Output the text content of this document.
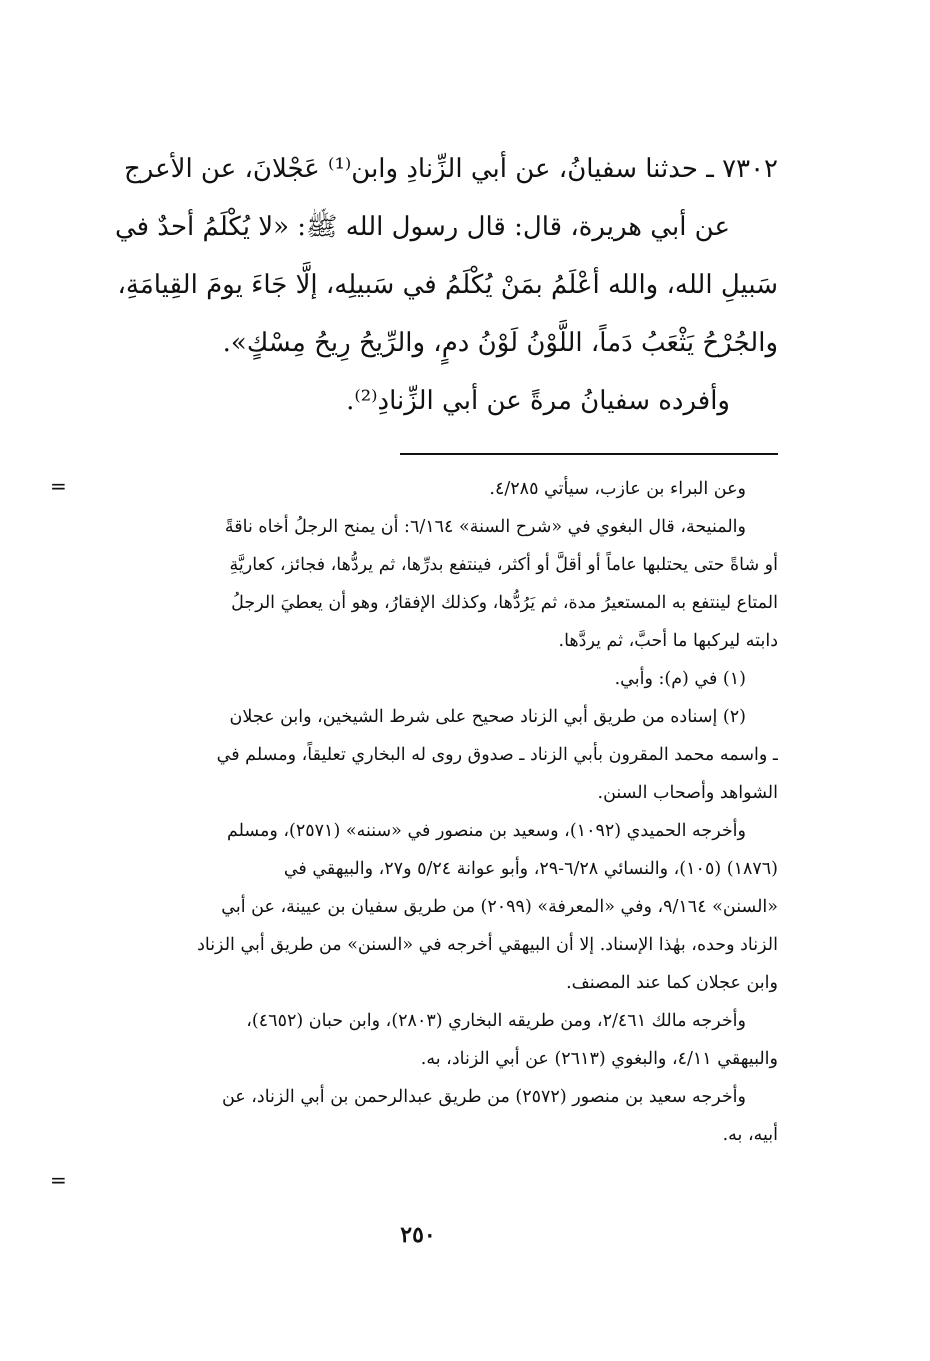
٧٣٠٢ ـ حدثنا سفيانُ، عن أبي الزِّنادِ وابن⁽¹⁾ عَجْلانَ، عن الأعرج
عن أبي هريرة، قال: قال رسول الله ﷺ: «لا يُكْلَمُ أحدٌ في
سَبيلِ الله، والله أعْلَمُ بمَنْ يُكْلَمُ في سَبيلِه، إلَّا جَاءَ يومَ القِيامَةِ،
والجُرْحُ يَثْعَبُ دَماً، اللَّوْنُ لَوْنُ دمٍ، والرِّيحُ رِيحُ مِسْكٍ».
وأفرده سفيانُ مرةً عن أبي الزِّنادِ⁽²⁾.
=	وعن البراء بن عازب، سيأتي ٤/٢٨٥.
والمنيحة، قال البغوي في «شرح السنة» ٦/١٦٤: أن يمنح الرجلُ أخاه ناقةً
أو شاةً حتى يحتلبها عاماً أو أقلَّ أو أكثر، فينتفع بدرِّها، ثم يردُّها، فجائز، كعاريَّةِ
المتاع لينتفع به المستعيرُ مدة، ثم يَرُدُّها، وكذلك الإفقارُ، وهو أن يعطيَ الرجلُ
دابته ليركبها ما أحبَّ، ثم يردَّها.
(١) في (م): وأبي.
(٢) إسناده من طريق أبي الزناد صحيح على شرط الشيخين، وابن عجلان
ـ واسمه محمد المقرون بأبي الزناد ـ صدوق روى له البخاري تعليقاً، ومسلم في
الشواهد وأصحاب السنن.
وأخرجه الحميدي (١٠٩٢)، وسعيد بن منصور في «سننه» (٢٥٧١)، ومسلم
(١٨٧٦) (١٠٥)، والنسائي ٦/٢٨-٢٩، وأبو عوانة ٥/٢٤ و٢٧، والبيهقي في
«السنن» ٩/١٦٤، وفي «المعرفة» (٢٠٩٩) من طريق سفيان بن عيينة، عن أبي
الزناد وحده، بهٰذا الإسناد. إلا أن البيهقي أخرجه في «السنن» من طريق أبي الزناد
وابن عجلان كما عند المصنف.
وأخرجه مالك ٢/٤٦١، ومن طريقه البخاري (٢٨٠٣)، وابن حبان (٤٦٥٢)،
والبيهقي ٤/١١، والبغوي (٢٦١٣) عن أبي الزناد، به.
وأخرجه سعيد بن منصور (٢٥٧٢) من طريق عبدالرحمن بن أبي الزناد، عن
أبيه، به.
=
٢٥٠
